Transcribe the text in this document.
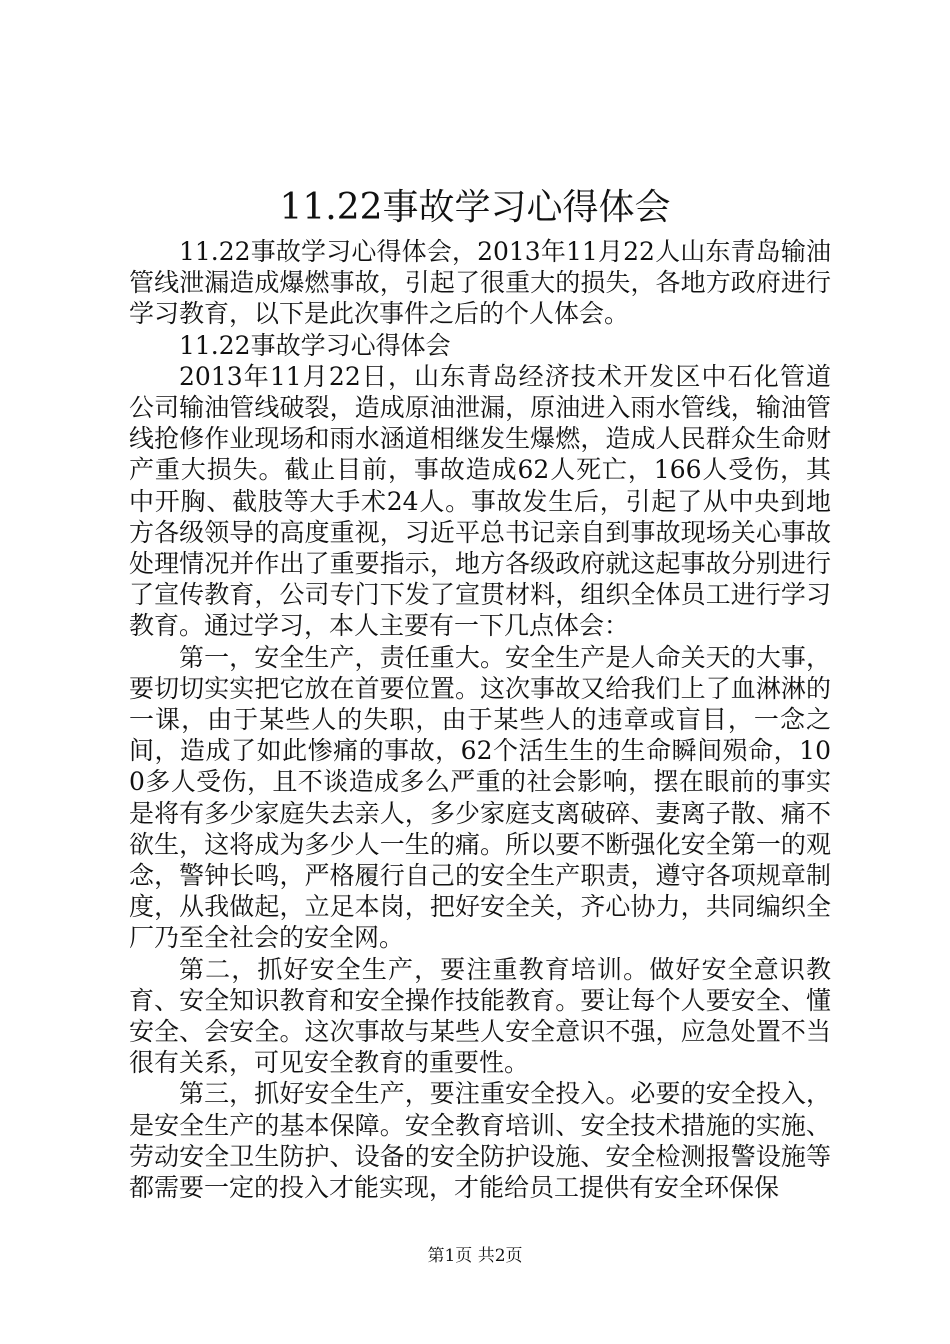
11.22事故学习心得体会

11.22事故学习心得体会，2013年11月22人山东青岛输油管线泄漏造成爆燃事故，引起了很重大的损失，各地方政府进行学习教育，以下是此次事件之后的个人体会。

11.22事故学习心得体会

2013年11月22日，山东青岛经济技术开发区中石化管道公司输油管线破裂，造成原油泄漏，原油进入雨水管线，输油管线抢修作业现场和雨水涵道相继发生爆燃，造成人民群众生命财产重大损失。截止目前，事故造成62人死亡，166人受伤，其中开胸、截肢等大手术24人。事故发生后，引起了从中央到地方各级领导的高度重视，习近平总书记亲自到事故现场关心事故处理情况并作出了重要指示，地方各级政府就这起事故分别进行了宣传教育，公司专门下发了宣贯材料，组织全体员工进行学习教育。通过学习，本人主要有一下几点体会：

第一，安全生产，责任重大。安全生产是人命关天的大事，要切切实实把它放在首要位置。这次事故又给我们上了血淋淋的一课，由于某些人的失职，由于某些人的违章或盲目，一念之间，造成了如此惨痛的事故，62个活生生的生命瞬间殒命，100多人受伤，且不谈造成多么严重的社会影响，摆在眼前的事实是将有多少家庭失去亲人，多少家庭支离破碎、妻离子散、痛不欲生，这将成为多少人一生的痛。所以要不断强化安全第一的观念，警钟长鸣，严格履行自己的安全生产职责，遵守各项规章制度，从我做起，立足本岗，把好安全关，齐心协力，共同编织全厂乃至全社会的安全网。

第二，抓好安全生产，要注重教育培训。做好安全意识教育、安全知识教育和安全操作技能教育。要让每个人要安全、懂安全、会安全。这次事故与某些人安全意识不强，应急处置不当很有关系，可见安全教育的重要性。

第三，抓好安全生产，要注重安全投入。必要的安全投入，是安全生产的基本保障。安全教育培训、安全技术措施的实施、劳动安全卫生防护、设备的安全防护设施、安全检测报警设施等都需要一定的投入才能实现，才能给员工提供有安全环保保

第1页 共2页
